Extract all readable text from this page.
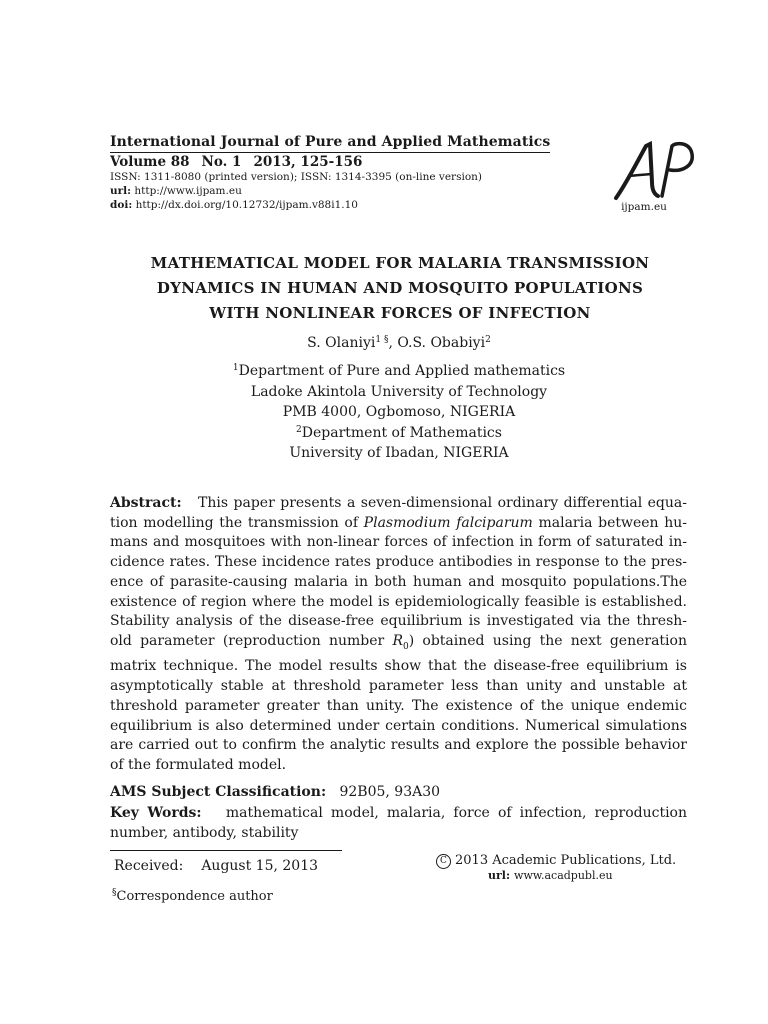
International Journal of Pure and Applied Mathematics
Volume 88 No. 1 2013, 125-156
ISSN: 1311-8080 (printed version); ISSN: 1314-3395 (on-line version)
url: http://www.ijpam.eu
doi: http://dx.doi.org/10.12732/ijpam.v88i1.10	ijpam.eu
MATHEMATICAL MODEL FOR MALARIA TRANSMISSION
DYNAMICS IN HUMAN AND MOSQUITO POPULATIONS
WITH NONLINEAR FORCES OF INFECTION
S. Olaniyi$^{1 \S}$, O.S. Obabiyi$^2$
$^1$Department of Pure and Applied mathematics
Ladoke Akintola University of Technology
PMB 4000, Ogbomoso, NIGERIA
$^2$Department of Mathematics
University of Ibadan, NIGERIA

Abstract: This paper presents a seven-dimensional ordinary differential equa-

tion modelling the transmission of Plasmodium falciparum malaria between hu-

mans and mosquitoes with non-linear forces of infection in form of saturated in-

cidence rates. These incidence rates produce antibodies in response to the pres-

ence of parasite-causing malaria in both human and mosquito populations.The

existence of region where the model is epidemiologically feasible is established.

Stability analysis of the disease-free equilibrium is investigated via the thresh-

old parameter (reproduction number $R_0$) obtained using the next generation

matrix technique. The model results show that the disease-free equilibrium is

asymptotically stable at threshold parameter less than unity and unstable at

threshold parameter greater than unity. The existence of the unique endemic

equilibrium is also determined under certain conditions. Numerical simulations

are carried out to confirm the analytic results and explore the possible behavior

of the formulated model.

AMS Subject Classification: 92B05, 93A30

Key Words: mathematical model, malaria, force of infection, reproduction

number, antibody, stability

Received: August 15, 2013	C 2013 Academic Publications, Ltd.
url: www.acadpubl.eu
§Correspondence author
